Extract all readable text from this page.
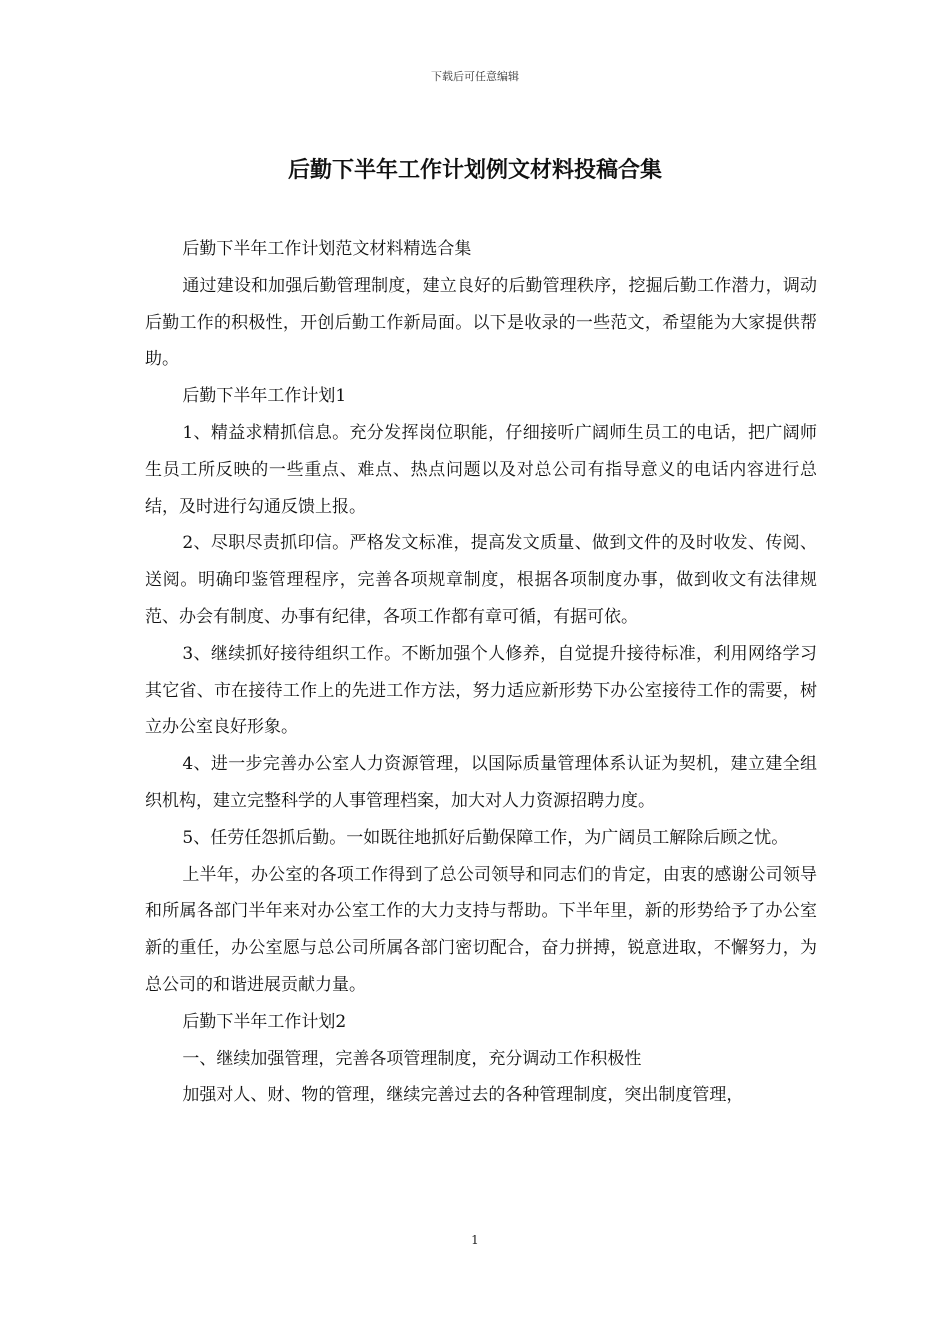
下载后可任意编辑
后勤下半年工作计划例文材料投稿合集

后勤下半年工作计划范文材料精选合集

通过建设和加强后勤管理制度，建立良好的后勤管理秩序，挖掘后勤工作潜力，调动后勤工作的积极性，开创后勤工作新局面。以下是收录的一些范文，希望能为大家提供帮助。

后勤下半年工作计划1

1、精益求精抓信息。充分发挥岗位职能，仔细接听广阔师生员工的电话，把广阔师生员工所反映的一些重点、难点、热点问题以及对总公司有指导意义的电话内容进行总结，及时进行勾通反馈上报。

2、尽职尽责抓印信。严格发文标准，提高发文质量、做到文件的及时收发、传阅、送阅。明确印鉴管理程序，完善各项规章制度，根据各项制度办事，做到收文有法律规范、办会有制度、办事有纪律，各项工作都有章可循，有据可依。

3、继续抓好接待组织工作。不断加强个人修养，自觉提升接待标准，利用网络学习其它省、市在接待工作上的先进工作方法，努力适应新形势下办公室接待工作的需要，树立办公室良好形象。

4、进一步完善办公室人力资源管理，以国际质量管理体系认证为契机，建立建全组织机构，建立完整科学的人事管理档案，加大对人力资源招聘力度。

5、任劳任怨抓后勤。一如既往地抓好后勤保障工作，为广阔员工解除后顾之忧。

上半年，办公室的各项工作得到了总公司领导和同志们的肯定，由衷的感谢公司领导和所属各部门半年来对办公室工作的大力支持与帮助。下半年里，新的形势给予了办公室新的重任，办公室愿与总公司所属各部门密切配合，奋力拼搏，锐意进取，不懈努力，为总公司的和谐进展贡献力量。

后勤下半年工作计划2

一、继续加强管理，完善各项管理制度，充分调动工作积极性

加强对人、财、物的管理，继续完善过去的各种管理制度，突出制度管理，

1
